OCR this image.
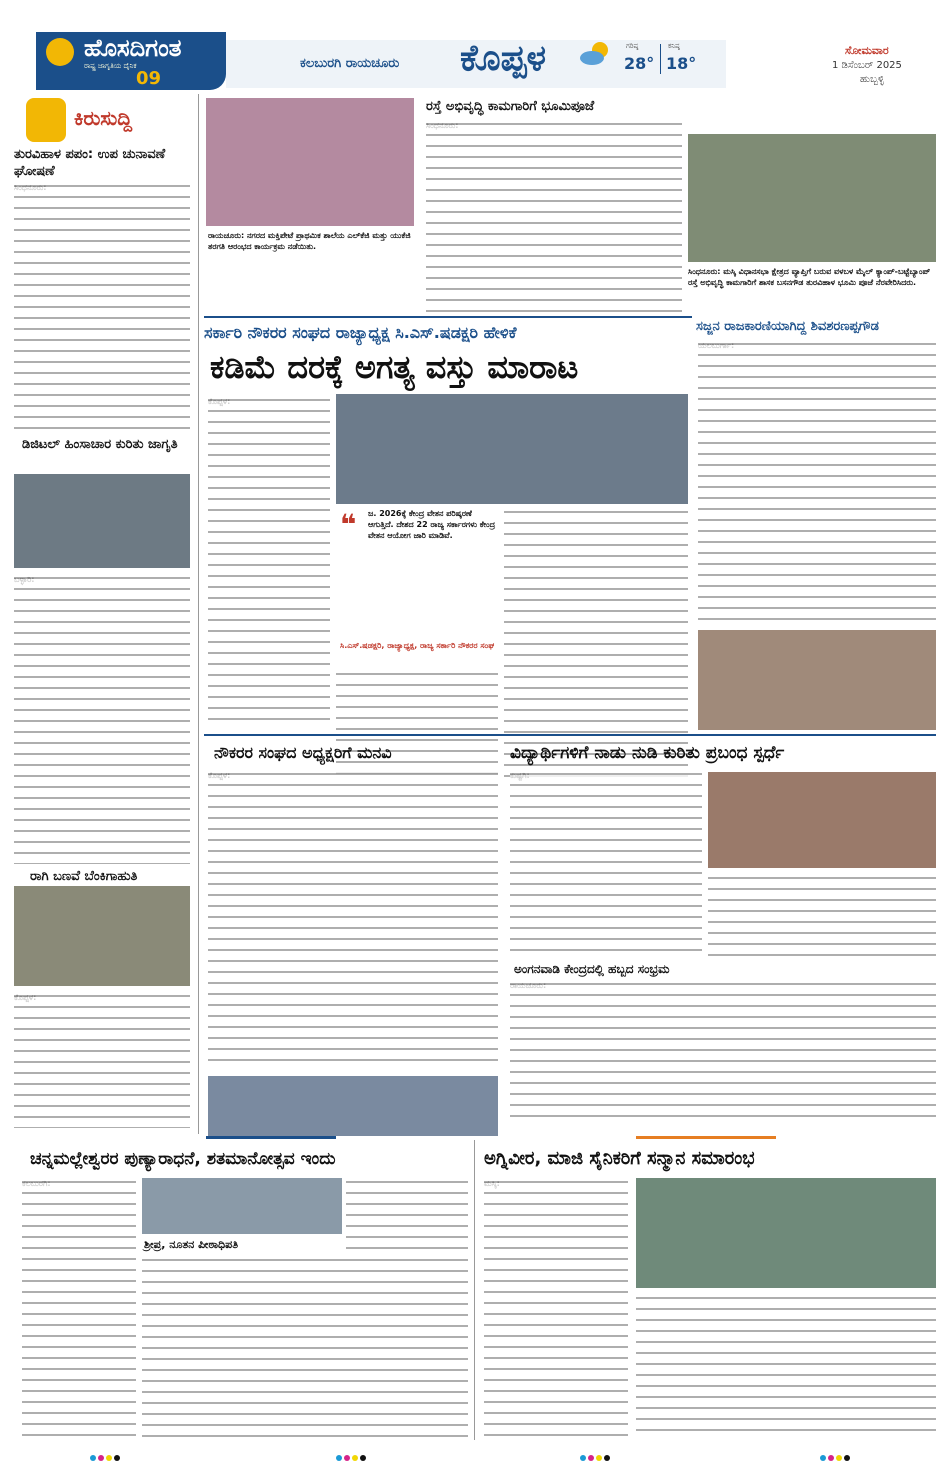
ಹೊಸದಿಗಂತ
ರಾಷ್ಟ್ರ ಜಾಗೃತಿಯ ದೈನಿಕ
09
ಕಲಬುರಗಿ ರಾಯಚೂರು ಕೊಪ್ಪಳ	ಗರಿಷ್ಠ
28°
ಕನಿಷ್ಠ
18°
ಸೋಮವಾರ
1 ಡಿಸೆಂಬರ್ 2025
ಹುಬ್ಬಳ್ಳಿ
ಕಿರುಸುದ್ದಿ
ತುರವಿಹಾಳ ಪಪಂ: ಉಪ ಚುನಾವಣೆ ಘೋಷಣೆ
ಡಿಜಿಟಲ್ ಹಿಂಸಾಚಾರ ಕುರಿತು ಜಾಗೃತಿ
ರಾಗಿ ಬಣವೆ ಬೆಂಕಿಗಾಹುತಿ
ರಾಯಚೂರು: ನಗರದ ಮಕ್ತಿಪೇಟೆ ಪ್ರಾಥಮಿಕ ಶಾಲೆಯ ಎಲ್‌ಕೆಜಿ ಮತ್ತು ಯುಕೆಜಿ ತರಗತಿ ಆರಂಭದ ಕಾರ್ಯಕ್ರಮ ನಡೆಯಿತು.
ರಸ್ತೆ ಅಭಿವೃದ್ಧಿ ಕಾಮಗಾರಿಗೆ ಭೂಮಿಪೂಜೆ
ಸಿಂಧನೂರು: ಮಸ್ಕಿ ವಿಧಾನಸಭಾ ಕ್ಷೇತ್ರದ ವ್ಯಾಪ್ತಿಗೆ ಬರುವ ವಳಬಳ ಮೈಲ್ ಕ್ಯಾಂಪ್-ಬಟ್ಟೆಬ್ಯಾಂಪ್ ರಸ್ತೆ ಅಭಿವೃದ್ಧಿ ಕಾಮಗಾರಿಗೆ ಶಾಸಕ ಬಸನಗೌಡ ತುರವಿಹಾಳ ಭೂಮಿ ಪೂಜೆ ನೆರವೇರಿಸಿದರು.
ಸರ್ಕಾರಿ ನೌಕರರ ಸಂಘದ ರಾಜ್ಯಾಧ್ಯಕ್ಷ ಸಿ.ಎಸ್.ಷಡಕ್ಷರಿ ಹೇಳಿಕೆ
ಕಡಿಮೆ ದರಕ್ಕೆ ಅಗತ್ಯ ವಸ್ತು ಮಾರಾಟ
❝ ಜ. 2026ಕ್ಕೆ ಕೇಂದ್ರ ವೇತನ ಪರಿಷ್ಕರಣೆ ಆಗುತ್ತಿದೆ. ದೇಶದ 22 ರಾಜ್ಯ ಸರ್ಕಾರಗಳು ಕೇಂದ್ರ ವೇತನ ಆಯೋಗ ಜಾರಿ ಮಾಡಿವೆ.
ಸಿ.ಎಸ್.ಷಡಕ್ಷರಿ, ರಾಜ್ಯಾಧ್ಯಕ್ಷ, ರಾಜ್ಯ ಸರ್ಕಾರಿ ನೌಕರರ ಸಂಘ
ಸಜ್ಜನ ರಾಜಕಾರಣಿಯಾಗಿದ್ದ ಶಿವಶರಣಪ್ಪಗೌಡ
ನೌಕರರ ಸಂಘದ ಅಧ್ಯಕ್ಷರಿಗೆ ಮನವಿ	ವಿದ್ಯಾರ್ಥಿಗಳಿಗೆ ನಾಡು ನುಡಿ ಕುರಿತು ಪ್ರಬಂಧ ಸ್ಪರ್ಧೆ
ಅಂಗನವಾಡಿ ಕೇಂದ್ರದಲ್ಲಿ ಹಬ್ಬದ ಸಂಭ್ರಮ
ಚನ್ನಮಲ್ಲೇಶ್ವರರ ಪುಣ್ಯಾರಾಧನೆ, ಶತಮಾನೋತ್ಸವ ಇಂದು
ಶ್ರೀಪ್ರ, ನೂತನ ಪೀಠಾಧಿಪತಿ
ಅಗ್ನಿವೀರ, ಮಾಜಿ ಸೈನಿಕರಿಗೆ ಸನ್ಮಾನ ಸಮಾರಂಭ
